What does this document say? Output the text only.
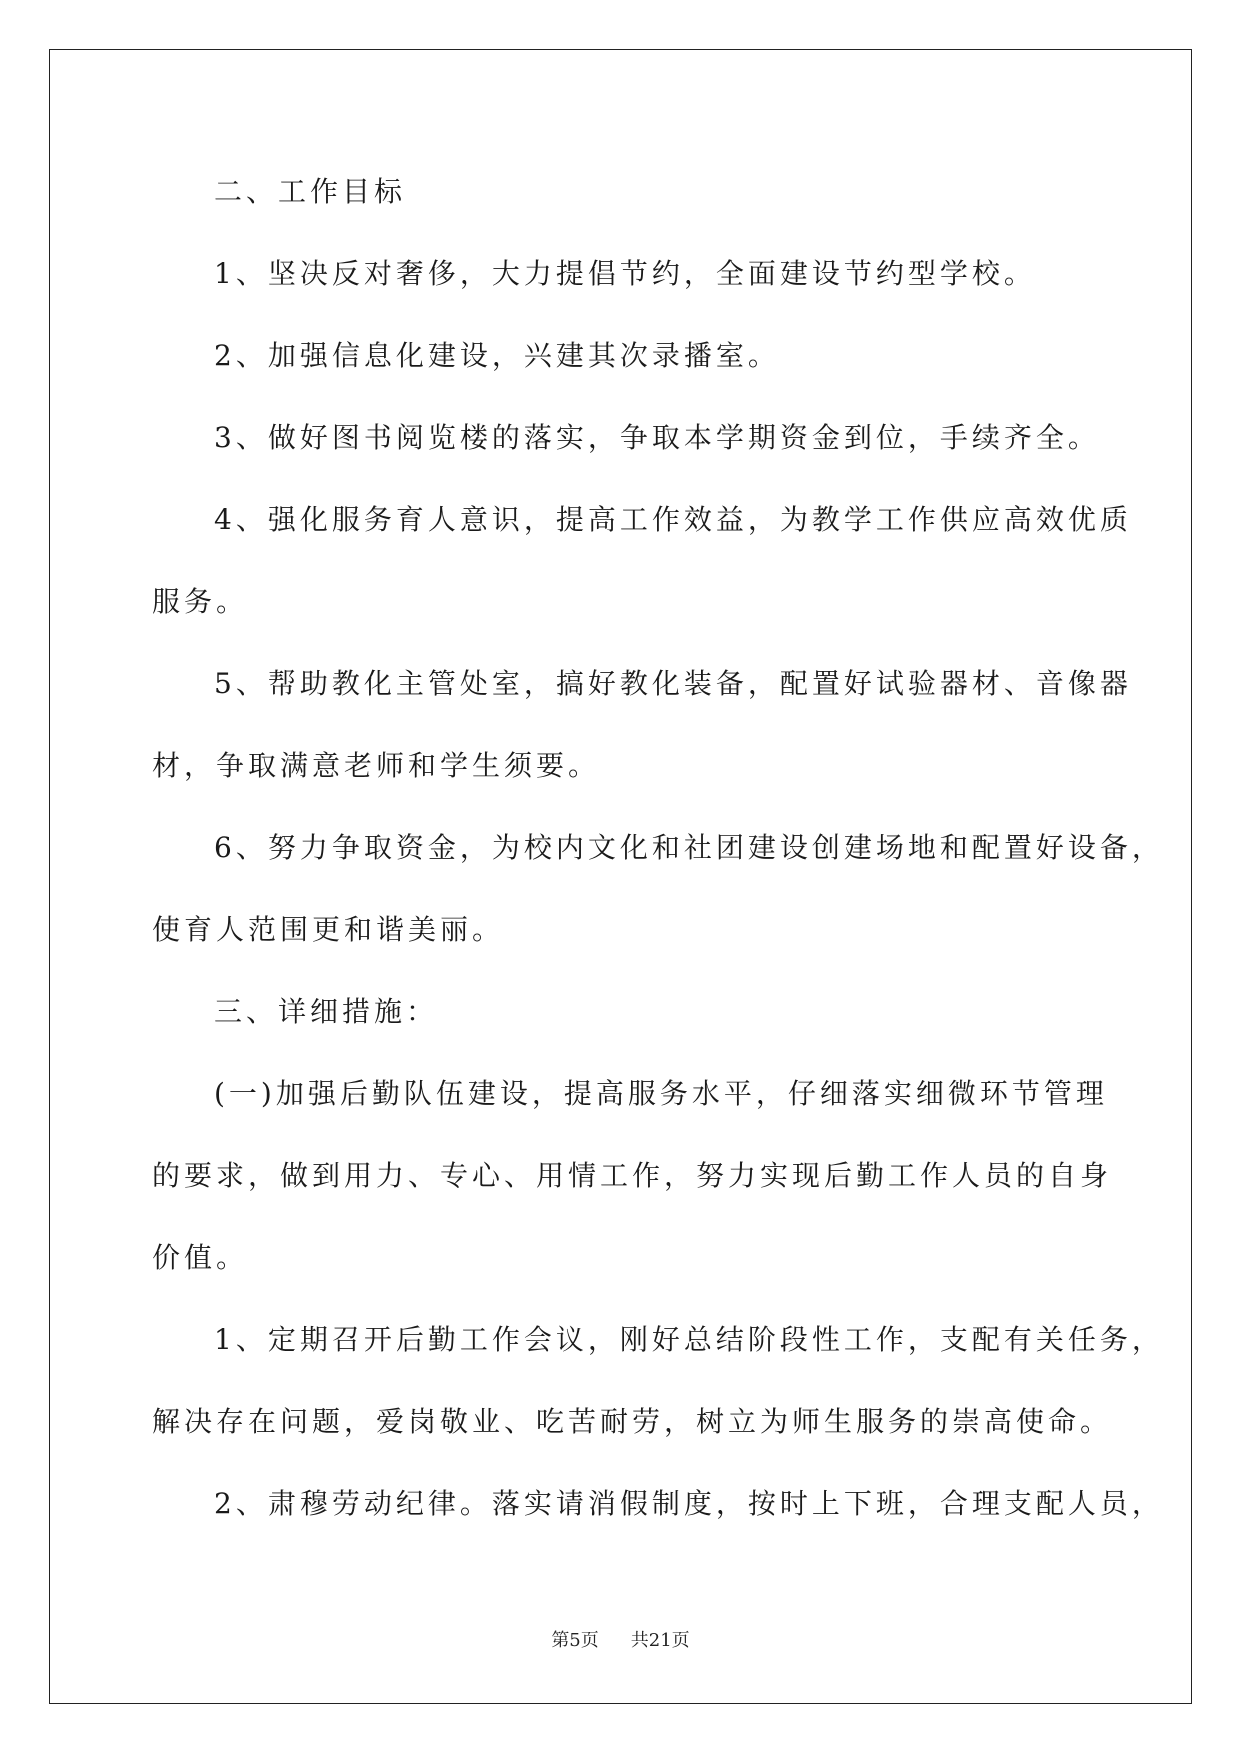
二、工作目标
1、坚决反对奢侈，大力提倡节约，全面建设节约型学校。
2、加强信息化建设，兴建其次录播室。
3、做好图书阅览楼的落实，争取本学期资金到位，手续齐全。
4、强化服务育人意识，提高工作效益，为教学工作供应高效优质
服务。
5、帮助教化主管处室，搞好教化装备，配置好试验器材、音像器
材，争取满意老师和学生须要。
6、努力争取资金，为校内文化和社团建设创建场地和配置好设备，
使育人范围更和谐美丽。
三、详细措施：
(一)加强后勤队伍建设，提高服务水平，仔细落实细微环节管理
的要求，做到用力、专心、用情工作，努力实现后勤工作人员的自身
价值。
1、定期召开后勤工作会议，刚好总结阶段性工作，支配有关任务，
解决存在问题，爱岗敬业、吃苦耐劳，树立为师生服务的崇高使命。
2、肃穆劳动纪律。落实请消假制度，按时上下班，合理支配人员，
第5页 共21页
